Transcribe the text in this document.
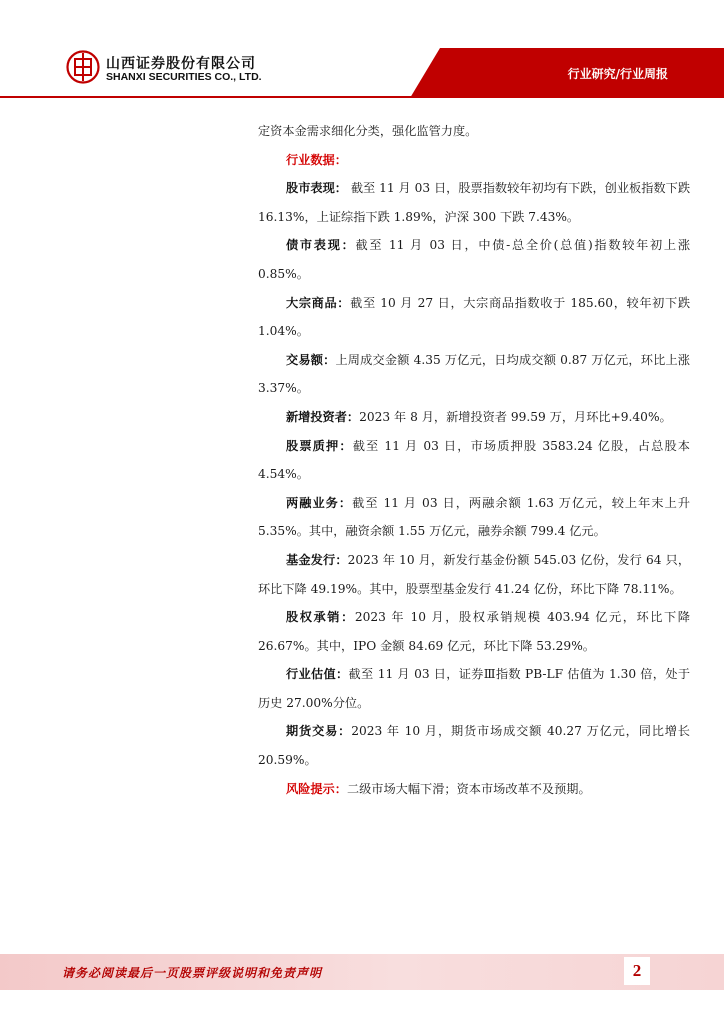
山西证券股份有限公司
SHANXI SECURITIES CO., LTD.	行业研究/行业周报

定资本金需求细化分类，强化监管力度。

行业数据：

股市表现： 截至 11 月 03 日，股票指数较年初均有下跌，创业板指数下跌 16.13%，上证综指下跌 1.89%，沪深 300 下跌 7.43%。

债市表现：截至 11 月 03 日，中债-总全价(总值)指数较年初上涨 0.85%。

大宗商品：截至 10 月 27 日，大宗商品指数收于 185.60，较年初下跌 1.04%。

交易额：上周成交金额 4.35 万亿元，日均成交额 0.87 万亿元，环比上涨 3.37%。

新增投资者：2023 年 8 月，新增投资者 99.59 万，月环比+9.40%。

股票质押：截至 11 月 03 日，市场质押股 3583.24 亿股，占总股本 4.54%。

两融业务：截至 11 月 03 日，两融余额 1.63 万亿元，较上年末上升 5.35%。其中，融资余额 1.55 万亿元，融券余额 799.4 亿元。

基金发行：2023 年 10 月，新发行基金份额 545.03 亿份，发行 64 只，环比下降 49.19%。其中，股票型基金发行 41.24 亿份，环比下降 78.11%。

股权承销：2023 年 10 月，股权承销规模 403.94 亿元，环比下降 26.67%。其中，IPO 金额 84.69 亿元，环比下降 53.29%。

行业估值：截至 11 月 03 日，证券Ⅲ指数 PB-LF 估值为 1.30 倍，处于历史 27.00%分位。

期货交易：2023 年 10 月，期货市场成交额 40.27 万亿元，同比增长 20.59%。

风险提示：二级市场大幅下滑；资本市场改革不及预期。

请务必阅读最后一页股票评级说明和免责声明	2
